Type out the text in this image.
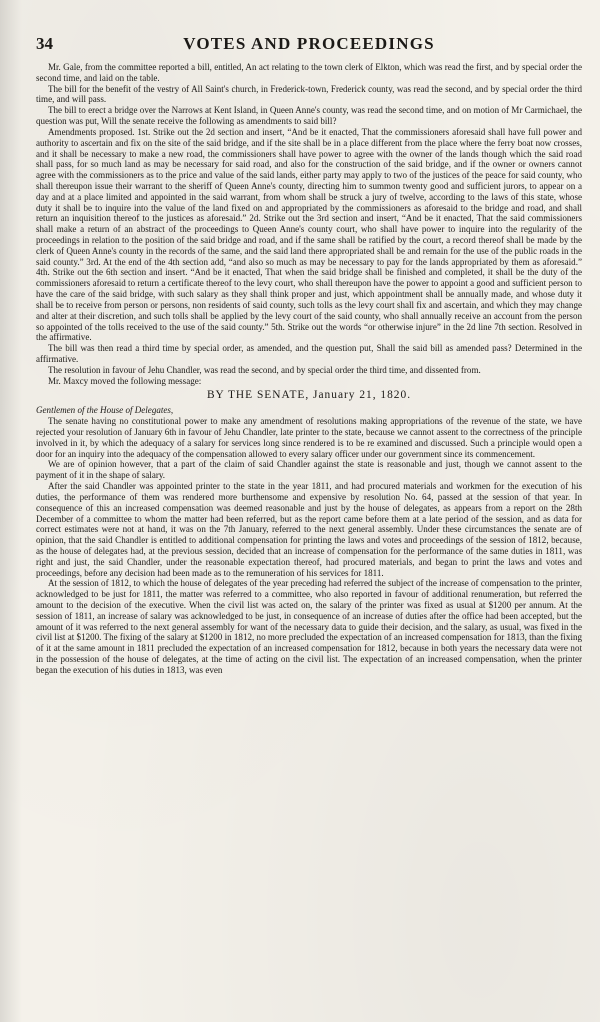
34	VOTES AND PROCEEDINGS

Mr. Gale, from the committee reported a bill, entitled, An act relating to the town clerk of Elkton, which was read the first, and by special order the second time, and laid on the table.

The bill for the benefit of the vestry of All Saint's church, in Frederick-town, Frederick county, was read the second, and by special order the third time, and will pass.

The bill to erect a bridge over the Narrows at Kent Island, in Queen Anne's county, was read the second time, and on motion of Mr Carmichael, the question was put, Will the senate receive the following as amendments to said bill?

Amendments proposed. 1st. Strike out the 2d section and insert, “And be it enacted, That the commissioners aforesaid shall have full power and authority to ascertain and fix on the site of the said bridge, and if the site shall be in a place different from the place where the ferry boat now crosses, and it shall be necessary to make a new road, the commissioners shall have power to agree with the owner of the lands though which the said road shall pass, for so much land as may be necessary for said road, and also for the construction of the said bridge, and if the owner or owners cannot agree with the commissioners as to the price and value of the said lands, either party may apply to two of the justices of the peace for said county, who shall thereupon issue their warrant to the sheriff of Queen Anne's county, directing him to summon twenty good and sufficient jurors, to appear on a day and at a place limited and appointed in the said warrant, from whom shall be struck a jury of twelve, according to the laws of this state, whose duty it shall be to inquire into the value of the land fixed on and appropriated by the commissioners as aforesaid to the bridge and road, and shall return an inquisition thereof to the justices as aforesaid.” 2d. Strike out the 3rd section and insert, “And be it enacted, That the said commissioners shall make a return of an abstract of the proceedings to Queen Anne's county court, who shall have power to inquire into the regularity of the proceedings in relation to the position of the said bridge and road, and if the same shall be ratified by the court, a record thereof shall be made by the clerk of Queen Anne's county in the records of the same, and the said land there appropriated shall be and remain for the use of the public roads in the said county.” 3rd. At the end of the 4th section add, “and also so much as may be necessary to pay for the lands appropriated by them as aforesaid.” 4th. Strike out the 6th section and insert. “And be it enacted, That when the said bridge shall be finished and completed, it shall be the duty of the commissioners aforesaid to return a certificate thereof to the levy court, who shall thereupon have the power to appoint a good and sufficient person to have the care of the said bridge, with such salary as they shall think proper and just, which appointment shall be annually made, and whose duty it shall be to receive from person or persons, non residents of said county, such tolls as the levy court shall fix and ascertain, and which they may change and alter at their discretion, and such tolls shall be applied by the levy court of the said county, who shall annually receive an account from the person so appointed of the tolls received to the use of the said county.” 5th. Strike out the words “or otherwise injure” in the 2d line 7th section. Resolved in the affirmative.

The bill was then read a third time by special order, as amended, and the question put, Shall the said bill as amended pass? Determined in the affirmative.

The resolution in favour of Jehu Chandler, was read the second, and by special order the third time, and dissented from.

Mr. Maxcy moved the following message:

BY THE SENATE, January 21, 1820.

Gentlemen of the House of Delegates,

The senate having no constitutional power to make any amendment of resolutions making appropriations of the revenue of the state, we have rejected your resolution of January 6th in favour of Jehu Chandler, late printer to the state, because we cannot assent to the correctness of the principle involved in it, by which the adequacy of a salary for services long since rendered is to be re examined and discussed. Such a principle would open a door for an inquiry into the adequacy of the compensation allowed to every salary officer under our government since its commencement.

We are of opinion however, that a part of the claim of said Chandler against the state is reasonable and just, though we cannot assent to the payment of it in the shape of salary.

After the said Chandler was appointed printer to the state in the year 1811, and had procured materials and workmen for the execution of his duties, the performance of them was rendered more burthensome and expensive by resolution No. 64, passed at the session of that year. In consequence of this an increased compensation was deemed reasonable and just by the house of delegates, as appears from a report on the 28th December of a committee to whom the matter had been referred, but as the report came before them at a late period of the session, and as data for correct estimates were not at hand, it was on the 7th January, referred to the next general assembly. Under these circumstances the senate are of opinion, that the said Chandler is entitled to additional compensation for printing the laws and votes and proceedings of the session of 1812, because, as the house of delegates had, at the previous session, decided that an increase of compensation for the performance of the same duties in 1811, was right and just, the said Chandler, under the reasonable expectation thereof, had procured materials, and began to print the laws and votes and proceedings, before any decision had been made as to the remuneration of his services for 1811.

At the session of 1812, to which the house of delegates of the year preceding had referred the subject of the increase of compensation to the printer, acknowledged to be just for 1811, the matter was referred to a committee, who also reported in favour of additional renumeration, but referred the amount to the decision of the executive. When the civil list was acted on, the salary of the printer was fixed as usual at $1200 per annum. At the session of 1811, an increase of salary was acknowledged to be just, in consequence of an increase of duties after the office had been accepted, but the amount of it was referred to the next general assembly for want of the necessary data to guide their decision, and the salary, as usual, was fixed in the civil list at $1200. The fixing of the salary at $1200 in 1812, no more precluded the expectation of an increased compensation for 1813, than the fixing of it at the same amount in 1811 precluded the expectation of an increased compensation for 1812, because in both years the necessary data were not in the possession of the house of delegates, at the time of acting on the civil list. The expectation of an increased compensation, when the printer began the execution of his duties in 1813, was even
